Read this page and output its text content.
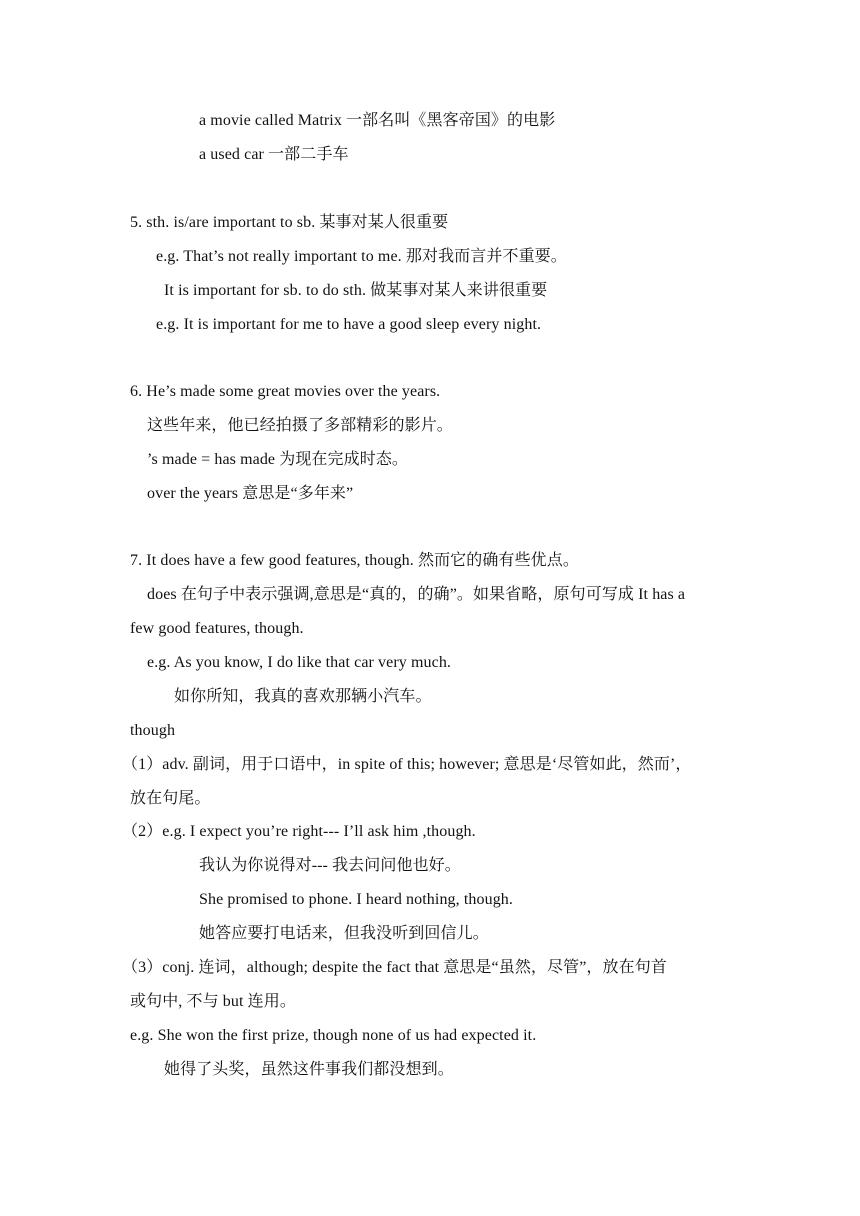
a movie called Matrix 一部名叫《黑客帝国》的电影
a used car 一部二手车
5. sth. is/are important to sb. 某事对某人很重要
e.g. That’s not really important to me. 那对我而言并不重要。
It is important for sb. to do sth. 做某事对某人来讲很重要
e.g. It is important for me to have a good sleep every night.
6. He’s made some great movies over the years.
这些年来，他已经拍摄了多部精彩的影片。
’s made = has made 为现在完成时态。
over the years 意思是“多年来”
7. It does have a few good features, though. 然而它的确有些优点。
does 在句子中表示强调,意思是“真的，的确”。如果省略，原句可写成 It has a
few good features, though.
e.g. As you know, I do like that car very much.
如你所知，我真的喜欢那辆小汽车。
though
（1）adv. 副词，用于口语中，in spite of this; however; 意思是‘尽管如此，然而’，
放在句尾。
（2）e.g. I expect you’re right--- I’ll ask him ,though.
我认为你说得对--- 我去问问他也好。
She promised to phone. I heard nothing, though.
她答应要打电话来，但我没听到回信儿。
（3）conj. 连词，although; despite the fact that 意思是“虽然，尽管”，放在句首
或句中, 不与 but 连用。
e.g. She won the first prize, though none of us had expected it.
她得了头奖，虽然这件事我们都没想到。
